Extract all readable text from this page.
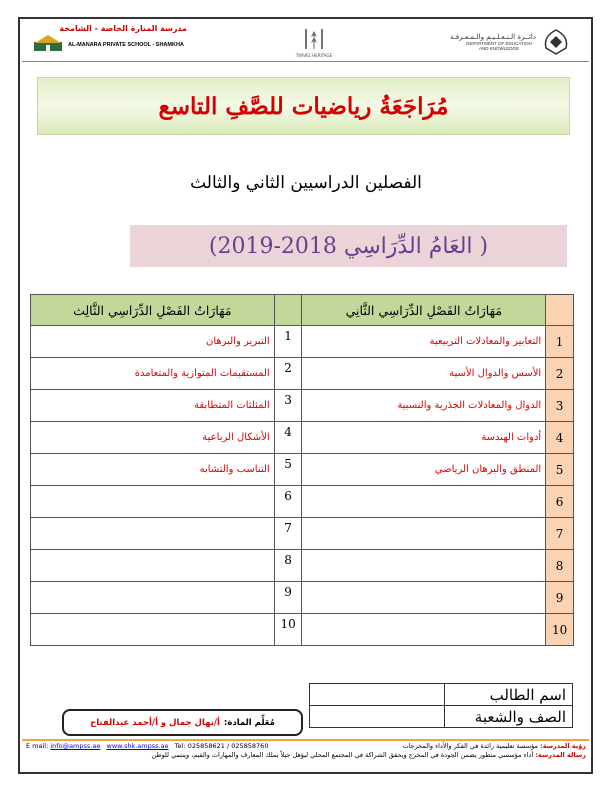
مدرسة المنارة الخاصة - الشامخة
AL-MANARA PRIVATE SCHOOL - SHAMKHA
TRAVEL HERITAGE
دائــرة الـتـعـلـيـم والـمـعـرفـة
DEPARTMENT OF EDUCATION
AND KNOWLEDGE
مُرَاجَعَةُ رياضيات للصَّفِ التاسع
الفصلين الدراسيين الثاني والثالث
( العَامُ الدِّرَاسِي 2018-2019)
مَهَارَاتُ الفَصْلِ الدِّرَاسِي الثَّالِث		مَهَارَاتُ الفَصْلِ الدِّرَاسِي الثَّانِي	
التبرير والبرهان	1	التعابير والمعادلات التربيعية	1
المستقيمات المتوازية والمتعامدة	2	الأسس والدوال الأسية	2
المثلثات المتطابقة	3	الدوال والمعادلات الجذرية والنسبية	3
الأشكال الرباعية	4	أدوات الهندسة	4
التناسب والتشابه	5	المنطق والبرهان الرياضي	5
	6		6
	7		7
	8		8
	9		9
	10		10
	اسم الطالب
	الصف والشعبة
مُعَلِّم المادة:
أ/نهال جمال و أ/أحمد عبدالفتاح
E mail: info@ampss.ae www.shk.ampss.ae Tel: 025858621 / 025858760	رؤية المدرسة: مؤسسة تعليمية رائدة في الفكر والأداء والمخرجات
رسالة المدرسة: أداء مؤسسي متطور يضمن الجودة في المخرج ويحقق الشراكة في المجتمع المحلي ليؤهل جيلاً يملك المعارف والمهارات والقيم، وينتمي للوطن
